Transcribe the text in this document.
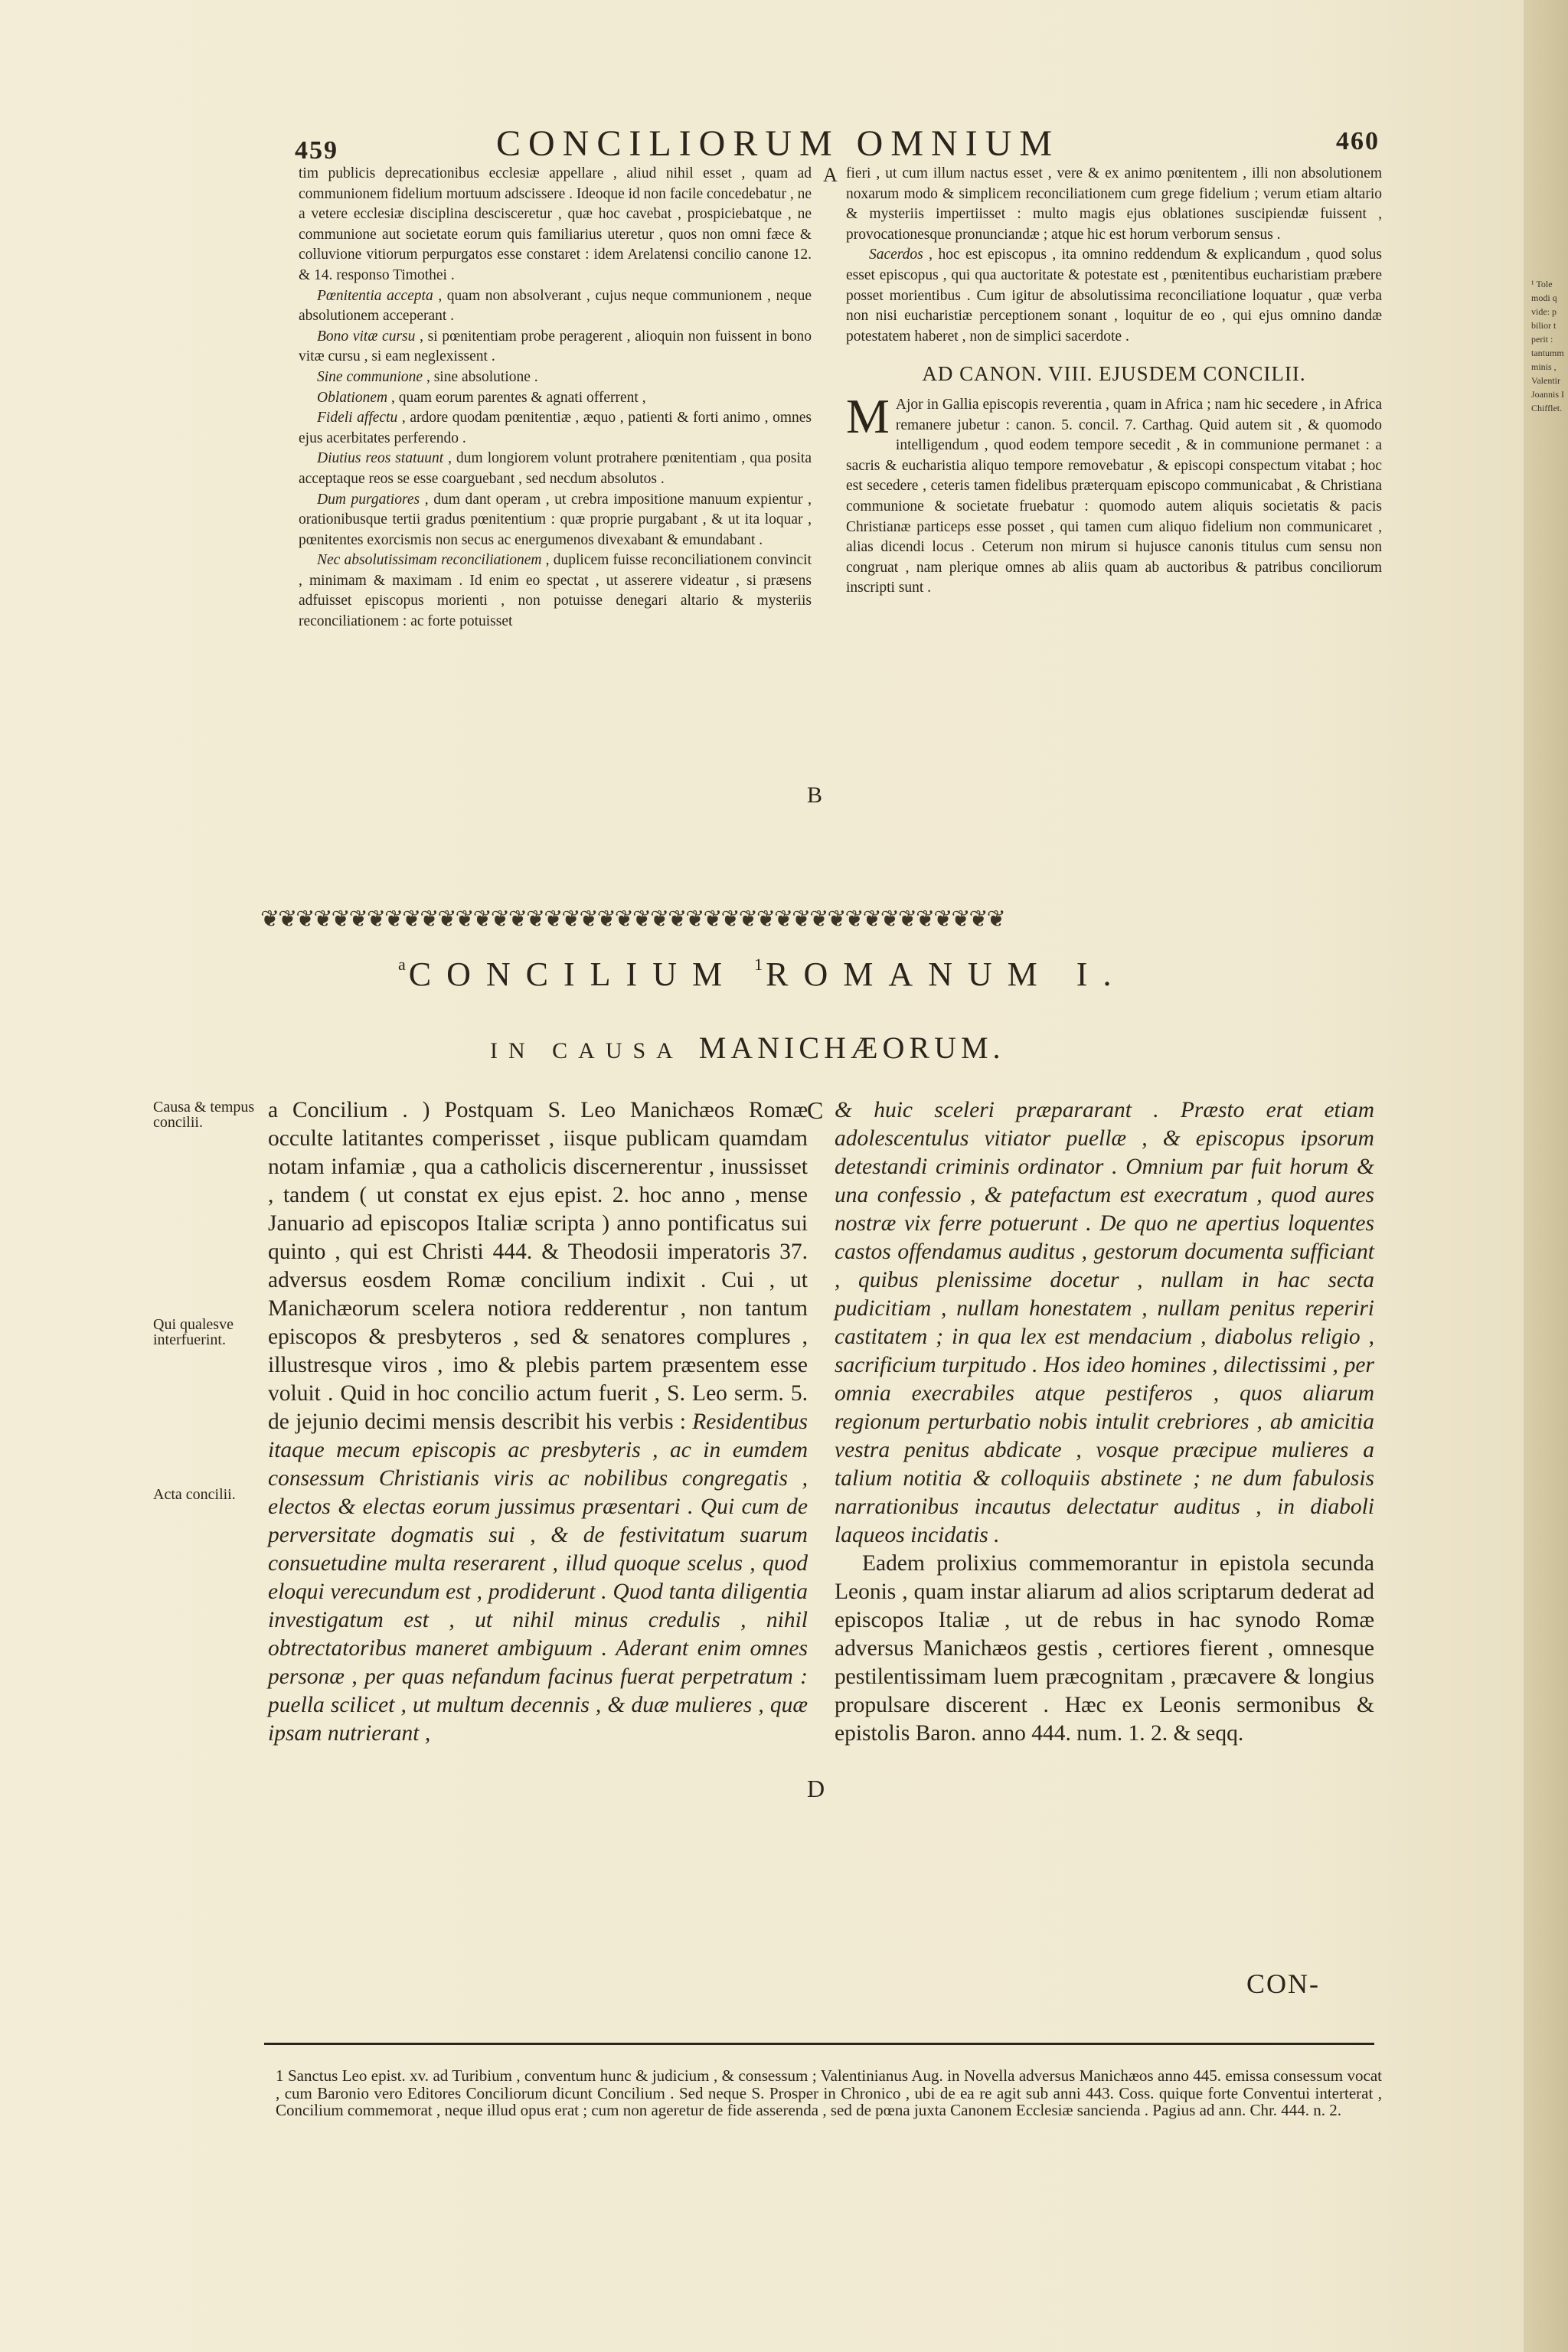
¹ Tole
modi q
vide: p
bilior t
perit :
tantumm
minis ,
Valentir
Joannis I
Chifflet.
459	CONCILIORUM OMNIUM	460

tim publicis deprecationibus ecclesiæ appellare , aliud nihil esset , quam ad communionem fidelium mortuum adscissere . Ideoque id non facile concedebatur , ne a vetere ecclesiæ disciplina descisceretur , quæ hoc cavebat , prospiciebatque , ne communione aut societate eorum quis familiarius uteretur , quos non omni fæce & colluvione vitiorum perpurgatos esse constaret : idem Arelatensi concilio canone 12. & 14. responso Timothei .

Pœnitentia accepta , quam non absolverant , cujus neque communionem , neque absolutionem acceperant .

Bono vitæ cursu , si pœnitentiam probe peragerent , alioquin non fuissent in bono vitæ cursu , si eam neglexissent .

Sine communione , sine absolutione .

Oblationem , quam eorum parentes & agnati offerrent ,

Fideli affectu , ardore quodam pœnitentiæ , æquo , patienti & forti animo , omnes ejus acerbitates perferendo .

Diutius reos statuunt , dum longiorem volunt protrahere pœnitentiam , qua posita acceptaque reos se esse coarguebant , sed necdum absolutos .

Dum purgatiores , dum dant operam , ut crebra impositione manuum expientur , orationibusque tertii gradus pœnitentium : quæ proprie purgabant , & ut ita loquar , pœnitentes exorcismis non secus ac energumenos divexabant & emundabant .

Nec absolutissimam reconciliationem , duplicem fuisse reconciliationem convincit , minimam & maximam . Id enim eo spectat , ut asserere videatur , si præsens adfuisset episcopus morienti , non potuisse denegari altario & mysteriis reconciliationem : ac forte potuisset

A
B

fieri , ut cum illum nactus esset , vere & ex animo pœnitentem , illi non absolutionem noxarum modo & simplicem reconciliationem cum grege fidelium ; verum etiam altario & mysteriis impertiisset : multo magis ejus oblationes suscipiendæ fuissent , provocationesque pronunciandæ ; atque hic est horum verborum sensus .

Sacerdos , hoc est episcopus , ita omnino reddendum & explicandum , quod solus esset episcopus , qui qua auctoritate & potestate est , pœnitentibus eucharistiam præbere posset morientibus . Cum igitur de absolutissima reconciliatione loquatur , quæ verba non nisi eucharistiæ perceptionem sonant , loquitur de eo , qui ejus omnino dandæ potestatem haberet , non de simplici sacerdote .

AD CANON. VIII. EJUSDEM CONCILII.

M Ajor in Gallia episcopis reverentia , quam in Africa ; nam hic secedere , in Africa remanere jubetur : canon. 5. concil. 7. Carthag. Quid autem sit , & quomodo intelligendum , quod eodem tempore secedit , & in communione permanet : a sacris & eucharistia aliquo tempore removebatur , & episcopi conspectum vitabat ; hoc est secedere , ceteris tamen fidelibus præterquam episcopo communicabat , & Christiana communione & societate fruebatur : quomodo autem aliquis societatis & pacis Christianæ particeps esse posset , qui tamen cum aliquo fidelium non communicaret , alias dicendi locus . Ceterum non mirum si hujusce canonis titulus cum sensu non congruat , nam plerique omnes ab aliis quam ab auctoribus & patribus conciliorum inscripti sunt .

❦❦❦❦❦❦❦❦❦❦❦❦❦❦❦❦❦❦❦❦❦❦❦❦❦❦❦❦❦❦❦❦❦❦❦❦❦❦❦❦❦❦
a CONCILIUM 1 ROMANUM I.
IN CAUSA MANICHÆORUM.
Causa & tempus concilii.
Qui qualesve interfuerint.
Acta concilii.

a Concilium . ) Postquam S. Leo Manichæos Romæ occulte latitantes comperisset , iisque publicam quamdam notam infamiæ , qua a catholicis discernerentur , inussisset , tandem ( ut constat ex ejus epist. 2. hoc anno , mense Januario ad episcopos Italiæ scripta ) anno pontificatus sui quinto , qui est Christi 444. & Theodosii imperatoris 37. adversus eosdem Romæ concilium indixit . Cui , ut Manichæorum scelera notiora redderentur , non tantum episcopos & presbyteros , sed & senatores complures , illustresque viros , imo & plebis partem præsentem esse voluit . Quid in hoc concilio actum fuerit , S. Leo serm. 5. de jejunio decimi mensis describit his verbis : Residentibus itaque mecum episcopis ac presbyteris , ac in eumdem consessum Christianis viris ac nobilibus congregatis , electos & electas eorum jussimus præsentari . Qui cum de perversitate dogmatis sui , & de festivitatum suarum consuetudine multa reserarent , illud quoque scelus , quod eloqui verecundum est , prodiderunt . Quod tanta diligentia investigatum est , ut nihil minus credulis , nihil obtrectatoribus maneret ambiguum . Aderant enim omnes personæ , per quas nefandum facinus fuerat perpetratum : puella scilicet , ut multum decennis , & duæ mulieres , quæ ipsam nutrierant ,

C
D

& huic sceleri præpararant . Præsto erat etiam adolescentulus vitiator puellæ , & episcopus ipsorum detestandi criminis ordinator . Omnium par fuit horum & una confessio , & patefactum est execratum , quod aures nostræ vix ferre potuerunt . De quo ne apertius loquentes castos offendamus auditus , gestorum documenta sufficiant , quibus plenissime docetur , nullam in hac secta pudicitiam , nullam honestatem , nullam penitus reperiri castitatem ; in qua lex est mendacium , diabolus religio , sacrificium turpitudo . Hos ideo homines , dilectissimi , per omnia execrabiles atque pestiferos , quos aliarum regionum perturbatio nobis intulit crebriores , ab amicitia vestra penitus abdicate , vosque præcipue mulieres a talium notitia & colloquiis abstinete ; ne dum fabulosis narrationibus incautus delectatur auditus , in diaboli laqueos incidatis .

Eadem prolixius commemorantur in epistola secunda Leonis , quam instar aliarum ad alios scriptarum dederat ad episcopos Italiæ , ut de rebus in hac synodo Romæ adversus Manichæos gestis , certiores fierent , omnesque pestilentissimam luem præcognitam , præcavere & longius propulsare discerent . Hæc ex Leonis sermonibus & epistolis Baron. anno 444. num. 1. 2. & seqq.

CON-
1 Sanctus Leo epist. xv. ad Turibium , conventum hunc & judicium , & consessum ; Valentinianus Aug. in Novella adversus Manichæos anno 445. emissa consessum vocat , cum Baronio vero Editores Conciliorum dicunt Concilium . Sed neque S. Prosper in Chronico , ubi de ea re agit sub anni 443. Coss. quique forte Conventui interterat , Concilium commemorat , neque illud opus erat ; cum non ageretur de fide asserenda , sed de pœna juxta Canonem Ecclesiæ sancienda . Pagius ad ann. Chr. 444. n. 2.
